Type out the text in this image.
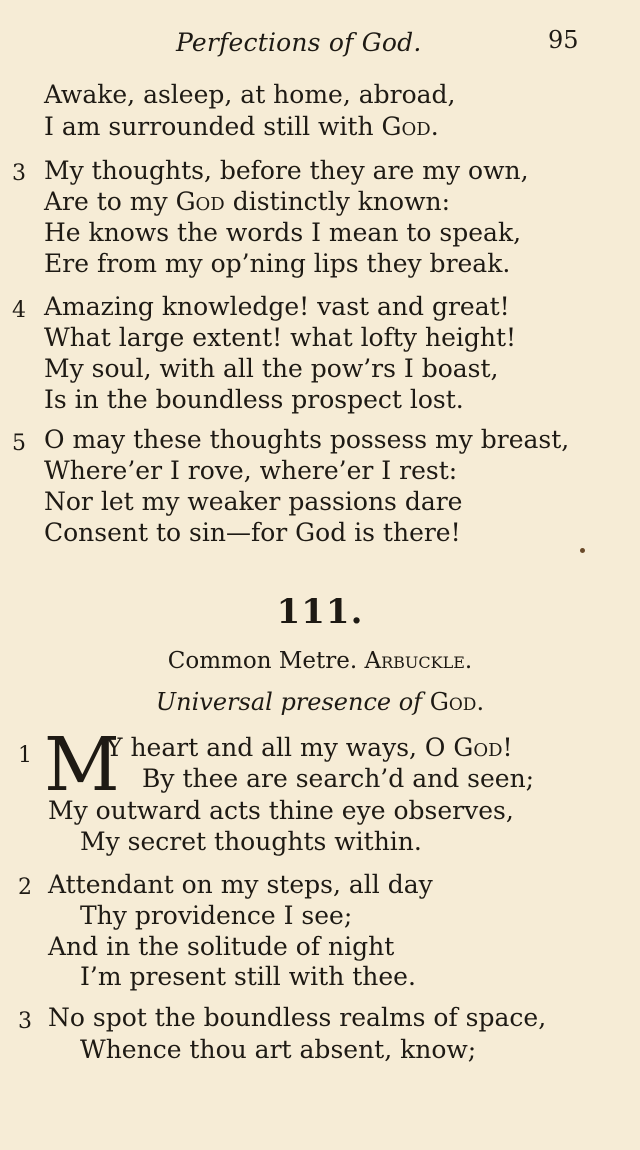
Perfections of God.	95
Awake, asleep, at home, abroad,
I am surrounded still with God.
3 My thoughts, before they are my own,
Are to my God distinctly known:
He knows the words I mean to speak,
Ere from my op’ning lips they break.
4 Amazing knowledge! vast and great!
What large extent! what lofty height!
My soul, with all the pow’rs I boast,
Is in the boundless prospect lost.
5 O may these thoughts possess my breast,
Where’er I rove, where’er I rest:
Nor let my weaker passions dare
Consent to sin—for God is there!
111.
Common Metre. Arbuckle.
Universal presence of God.
1 M
Y heart and all my ways, O God!
By thee are search’d and seen;
My outward acts thine eye observes,
My secret thoughts within.
2 Attendant on my steps, all day
Thy providence I see;
And in the solitude of night
I’m present still with thee.
3 No spot the boundless realms of space,
Whence thou art absent, know;
